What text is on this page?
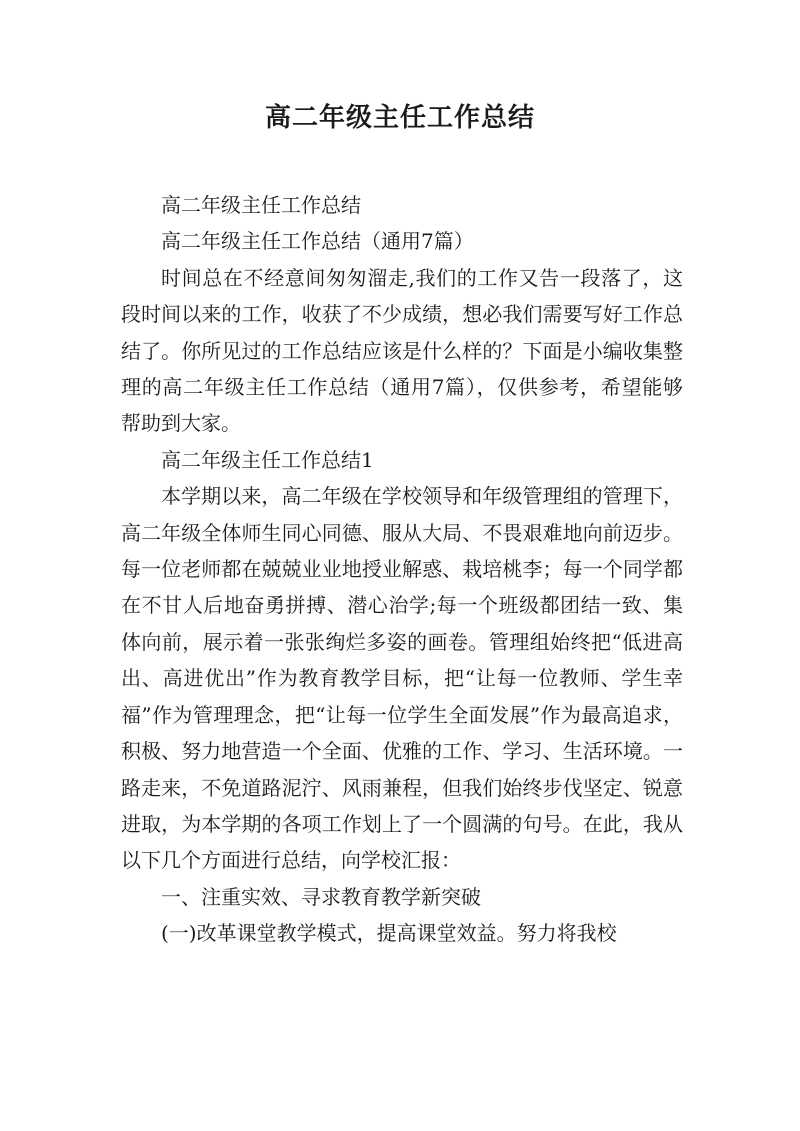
高二年级主任工作总结

高二年级主任工作总结

高二年级主任工作总结（通用7篇）

时间总在不经意间匆匆溜走,我们的工作又告一段落了，这段时间以来的工作，收获了不少成绩，想必我们需要写好工作总结了。你所见过的工作总结应该是什么样的？下面是小编收集整理的高二年级主任工作总结（通用7篇），仅供参考，希望能够帮助到大家。

高二年级主任工作总结1

本学期以来，高二年级在学校领导和年级管理组的管理下，高二年级全体师生同心同德、服从大局、不畏艰难地向前迈步。每一位老师都在兢兢业业地授业解惑、栽培桃李；每一个同学都在不甘人后地奋勇拼搏、潜心治学;每一个班级都团结一致、集体向前，展示着一张张绚烂多姿的画卷。管理组始终把“低进高出、高进优出”作为教育教学目标，把“让每一位教师、学生幸福”作为管理理念，把“让每一位学生全面发展”作为最高追求，积极、努力地营造一个全面、优雅的工作、学习、生活环境。一路走来，不免道路泥泞、风雨兼程，但我们始终步伐坚定、锐意进取，为本学期的各项工作划上了一个圆满的句号。在此，我从以下几个方面进行总结，向学校汇报：

一、注重实效、寻求教育教学新突破

(一)改革课堂教学模式，提高课堂效益。努力将我校
